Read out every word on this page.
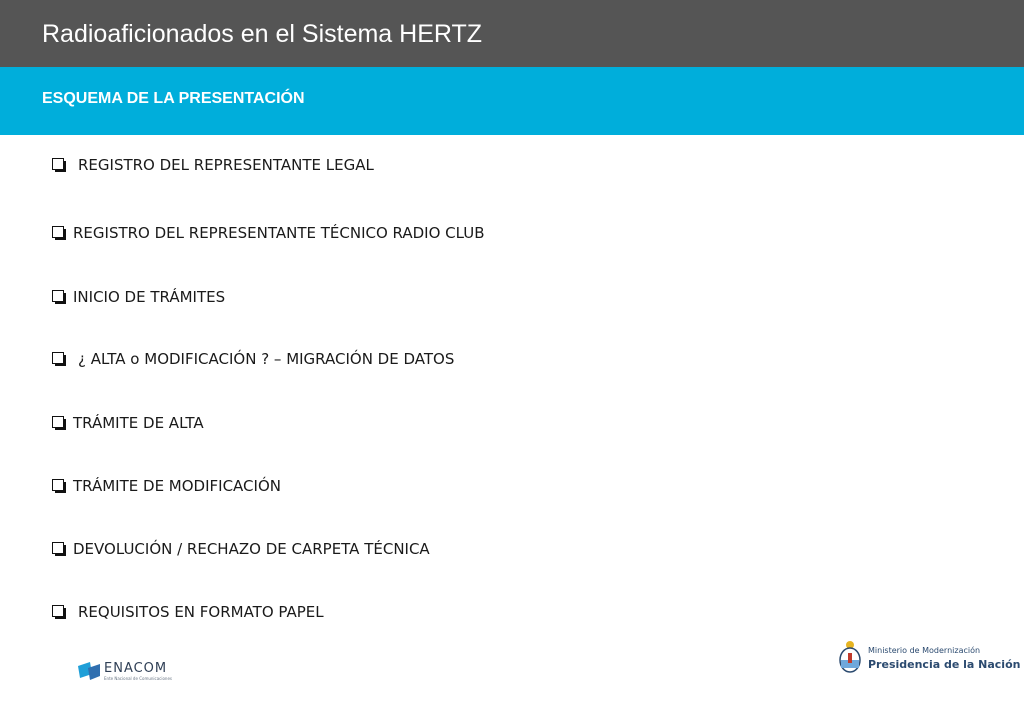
Radioaficionados en el Sistema HERTZ
ESQUEMA DE LA PRESENTACIÓN
REGISTRO DEL REPRESENTANTE LEGAL
REGISTRO DEL REPRESENTANTE TÉCNICO RADIO CLUB
INICIO DE TRÁMITES
¿ ALTA o MODIFICACIÓN ? – MIGRACIÓN DE DATOS
TRÁMITE DE ALTA
TRÁMITE DE MODIFICACIÓN
DEVOLUCIÓN / RECHAZO DE CARPETA TÉCNICA
REQUISITOS EN FORMATO PAPEL
ENACOM
Ente Nacional de Comunicaciones
Ministerio de Modernización
Presidencia de la Nación
